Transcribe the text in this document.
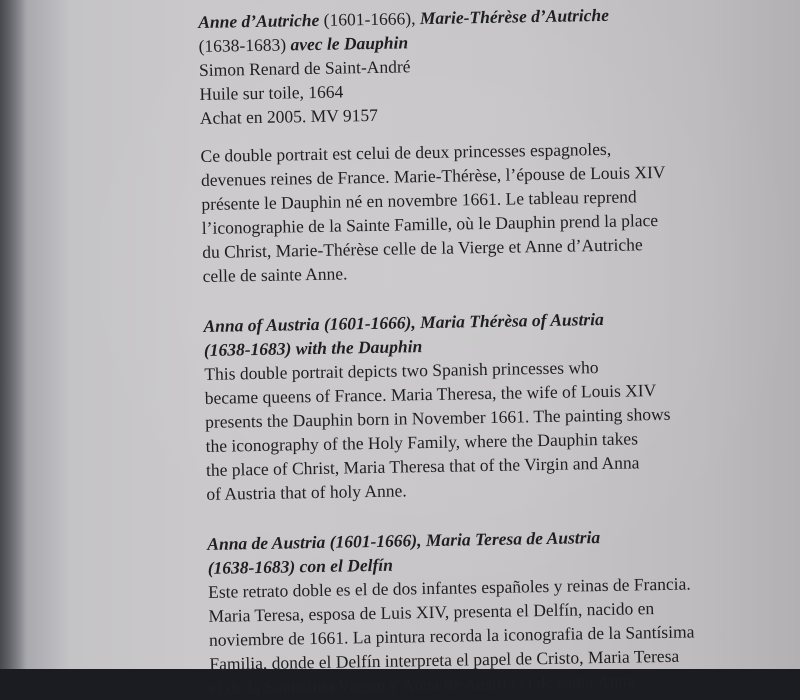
Anne d’Autriche (1601-1666), Marie-Thérèse d’Autriche
(1638-1683) avec le Dauphin
Simon Renard de Saint-André
Huile sur toile, 1664
Achat en 2005. MV 9157
Ce double portrait est celui de deux princesses espagnoles,
devenues reines de France. Marie-Thérèse, l’épouse de Louis XIV
présente le Dauphin né en novembre 1661. Le tableau reprend
l’iconographie de la Sainte Famille, où le Dauphin prend la place
du Christ, Marie-Thérèse celle de la Vierge et Anne d’Autriche
celle de sainte Anne.
Anna of Austria (1601-1666), Maria Thérèsa of Austria
(1638-1683) with the Dauphin
This double portrait depicts two Spanish princesses who
became queens of France. Maria Theresa, the wife of Louis XIV
presents the Dauphin born in November 1661. The painting shows
the iconography of the Holy Family, where the Dauphin takes
the place of Christ, Maria Theresa that of the Virgin and Anna
of Austria that of holy Anne.
Anna de Austria (1601-1666), Maria Teresa de Austria
(1638-1683) con el Delfín
Este retrato doble es el de dos infantes españoles y reinas de Francia.
Maria Teresa, esposa de Luis XIV, presenta el Delfín, nacido en
noviembre de 1661. La pintura recorda la iconografia de la Santísima
Familia, donde el Delfín interpreta el papel de Cristo, Maria Teresa
el de la Santísima Virgen y Anna de Austria el de santa Anna.
